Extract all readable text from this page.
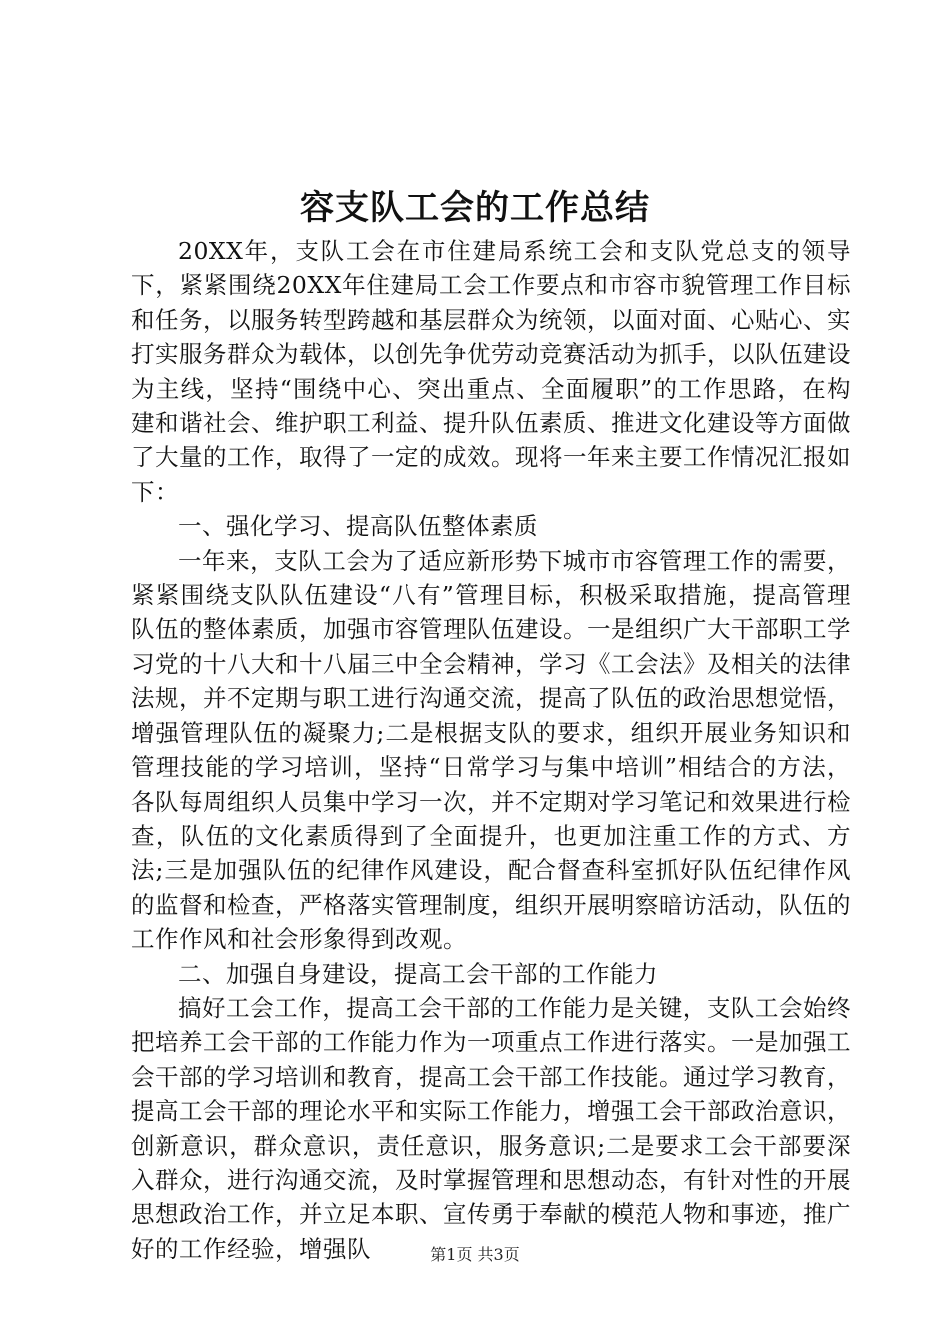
容支队工会的工作总结

20XX年，支队工会在市住建局系统工会和支队党总支的领导下，紧紧围绕20XX年住建局工会工作要点和市容市貌管理工作目标和任务，以服务转型跨越和基层群众为统领，以面对面、心贴心、实打实服务群众为载体，以创先争优劳动竞赛活动为抓手，以队伍建设为主线，坚持“围绕中心、突出重点、全面履职”的工作思路，在构建和谐社会、维护职工利益、提升队伍素质、推进文化建设等方面做了大量的工作，取得了一定的成效。现将一年来主要工作情况汇报如下：

一、强化学习、提高队伍整体素质

一年来，支队工会为了适应新形势下城市市容管理工作的需要，紧紧围绕支队队伍建设“八有”管理目标，积极采取措施，提高管理队伍的整体素质，加强市容管理队伍建设。一是组织广大干部职工学习党的十八大和十八届三中全会精神，学习《工会法》及相关的法律法规，并不定期与职工进行沟通交流，提高了队伍的政治思想觉悟，增强管理队伍的凝聚力;二是根据支队的要求，组织开展业务知识和管理技能的学习培训，坚持“日常学习与集中培训”相结合的方法，各队每周组织人员集中学习一次，并不定期对学习笔记和效果进行检查，队伍的文化素质得到了全面提升，也更加注重工作的方式、方法;三是加强队伍的纪律作风建设，配合督查科室抓好队伍纪律作风的监督和检查，严格落实管理制度，组织开展明察暗访活动，队伍的工作作风和社会形象得到改观。

二、加强自身建设，提高工会干部的工作能力

搞好工会工作，提高工会干部的工作能力是关键，支队工会始终把培养工会干部的工作能力作为一项重点工作进行落实。一是加强工会干部的学习培训和教育，提高工会干部工作技能。通过学习教育，提高工会干部的理论水平和实际工作能力，增强工会干部政治意识，创新意识，群众意识，责任意识，服务意识;二是要求工会干部要深入群众，进行沟通交流，及时掌握管理和思想动态，有针对性的开展思想政治工作，并立足本职、宣传勇于奉献的模范人物和事迹，推广好的工作经验，增强队	第1页 共3页
